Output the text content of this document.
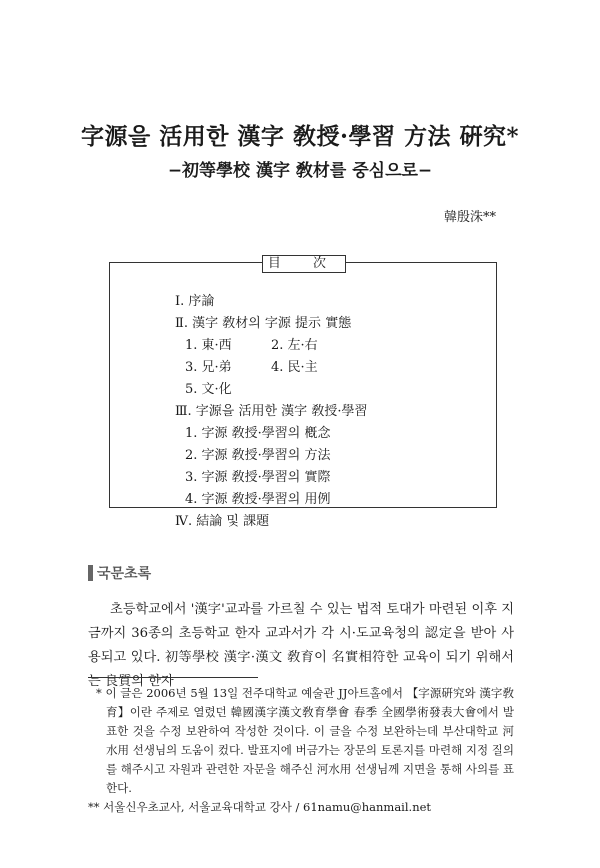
字源을 活用한 漢字 敎授·學習 方法 硏究*
−初等學校 漢字 敎材를 중심으로−
韓殷洙**
目 次
Ⅰ. 序論
Ⅱ. 漢字 敎材의 字源 提示 實態
1. 東·西	2. 左·右
3. 兄·弟	4. 民·主
5. 文·化
Ⅲ. 字源을 活用한 漢字 敎授·學習
1. 字源 敎授·學習의 槪念
2. 字源 敎授·學習의 方法
3. 字源 敎授·學習의 實際
4. 字源 敎授·學習의 用例
Ⅳ. 結論 및 課題
국문초록

초등학교에서 '漢字'교과를 가르칠 수 있는 법적 토대가 마련된 이후 지금까지 36종의 초등학교 한자 교과서가 각 시·도교육청의 認定을 받아 사용되고 있다. 初等學校 漢字·漢文 敎育이 名實相符한 교육이 되기 위해서는 良質의 한자

* 이 글은 2006년 5월 13일 전주대학교 예술관 JJ아트홀에서 【字源硏究와 漢字敎育】이란 주제로 열렸던 韓國漢字漢文敎育學會 春季 全國學術發表大會에서 발표한 것을 수정 보완하여 작성한 것이다. 이 글을 수정 보완하는데 부산대학교 河水用 선생님의 도움이 컸다. 발표지에 버금가는 장문의 토론지를 마련해 지정 질의를 해주시고 자원과 관련한 자문을 해주신 河水用 선생님께 지면을 통해 사의를 표한다.

** 서울신우초교사, 서울교육대학교 강사 / 61namu@hanmail.net
